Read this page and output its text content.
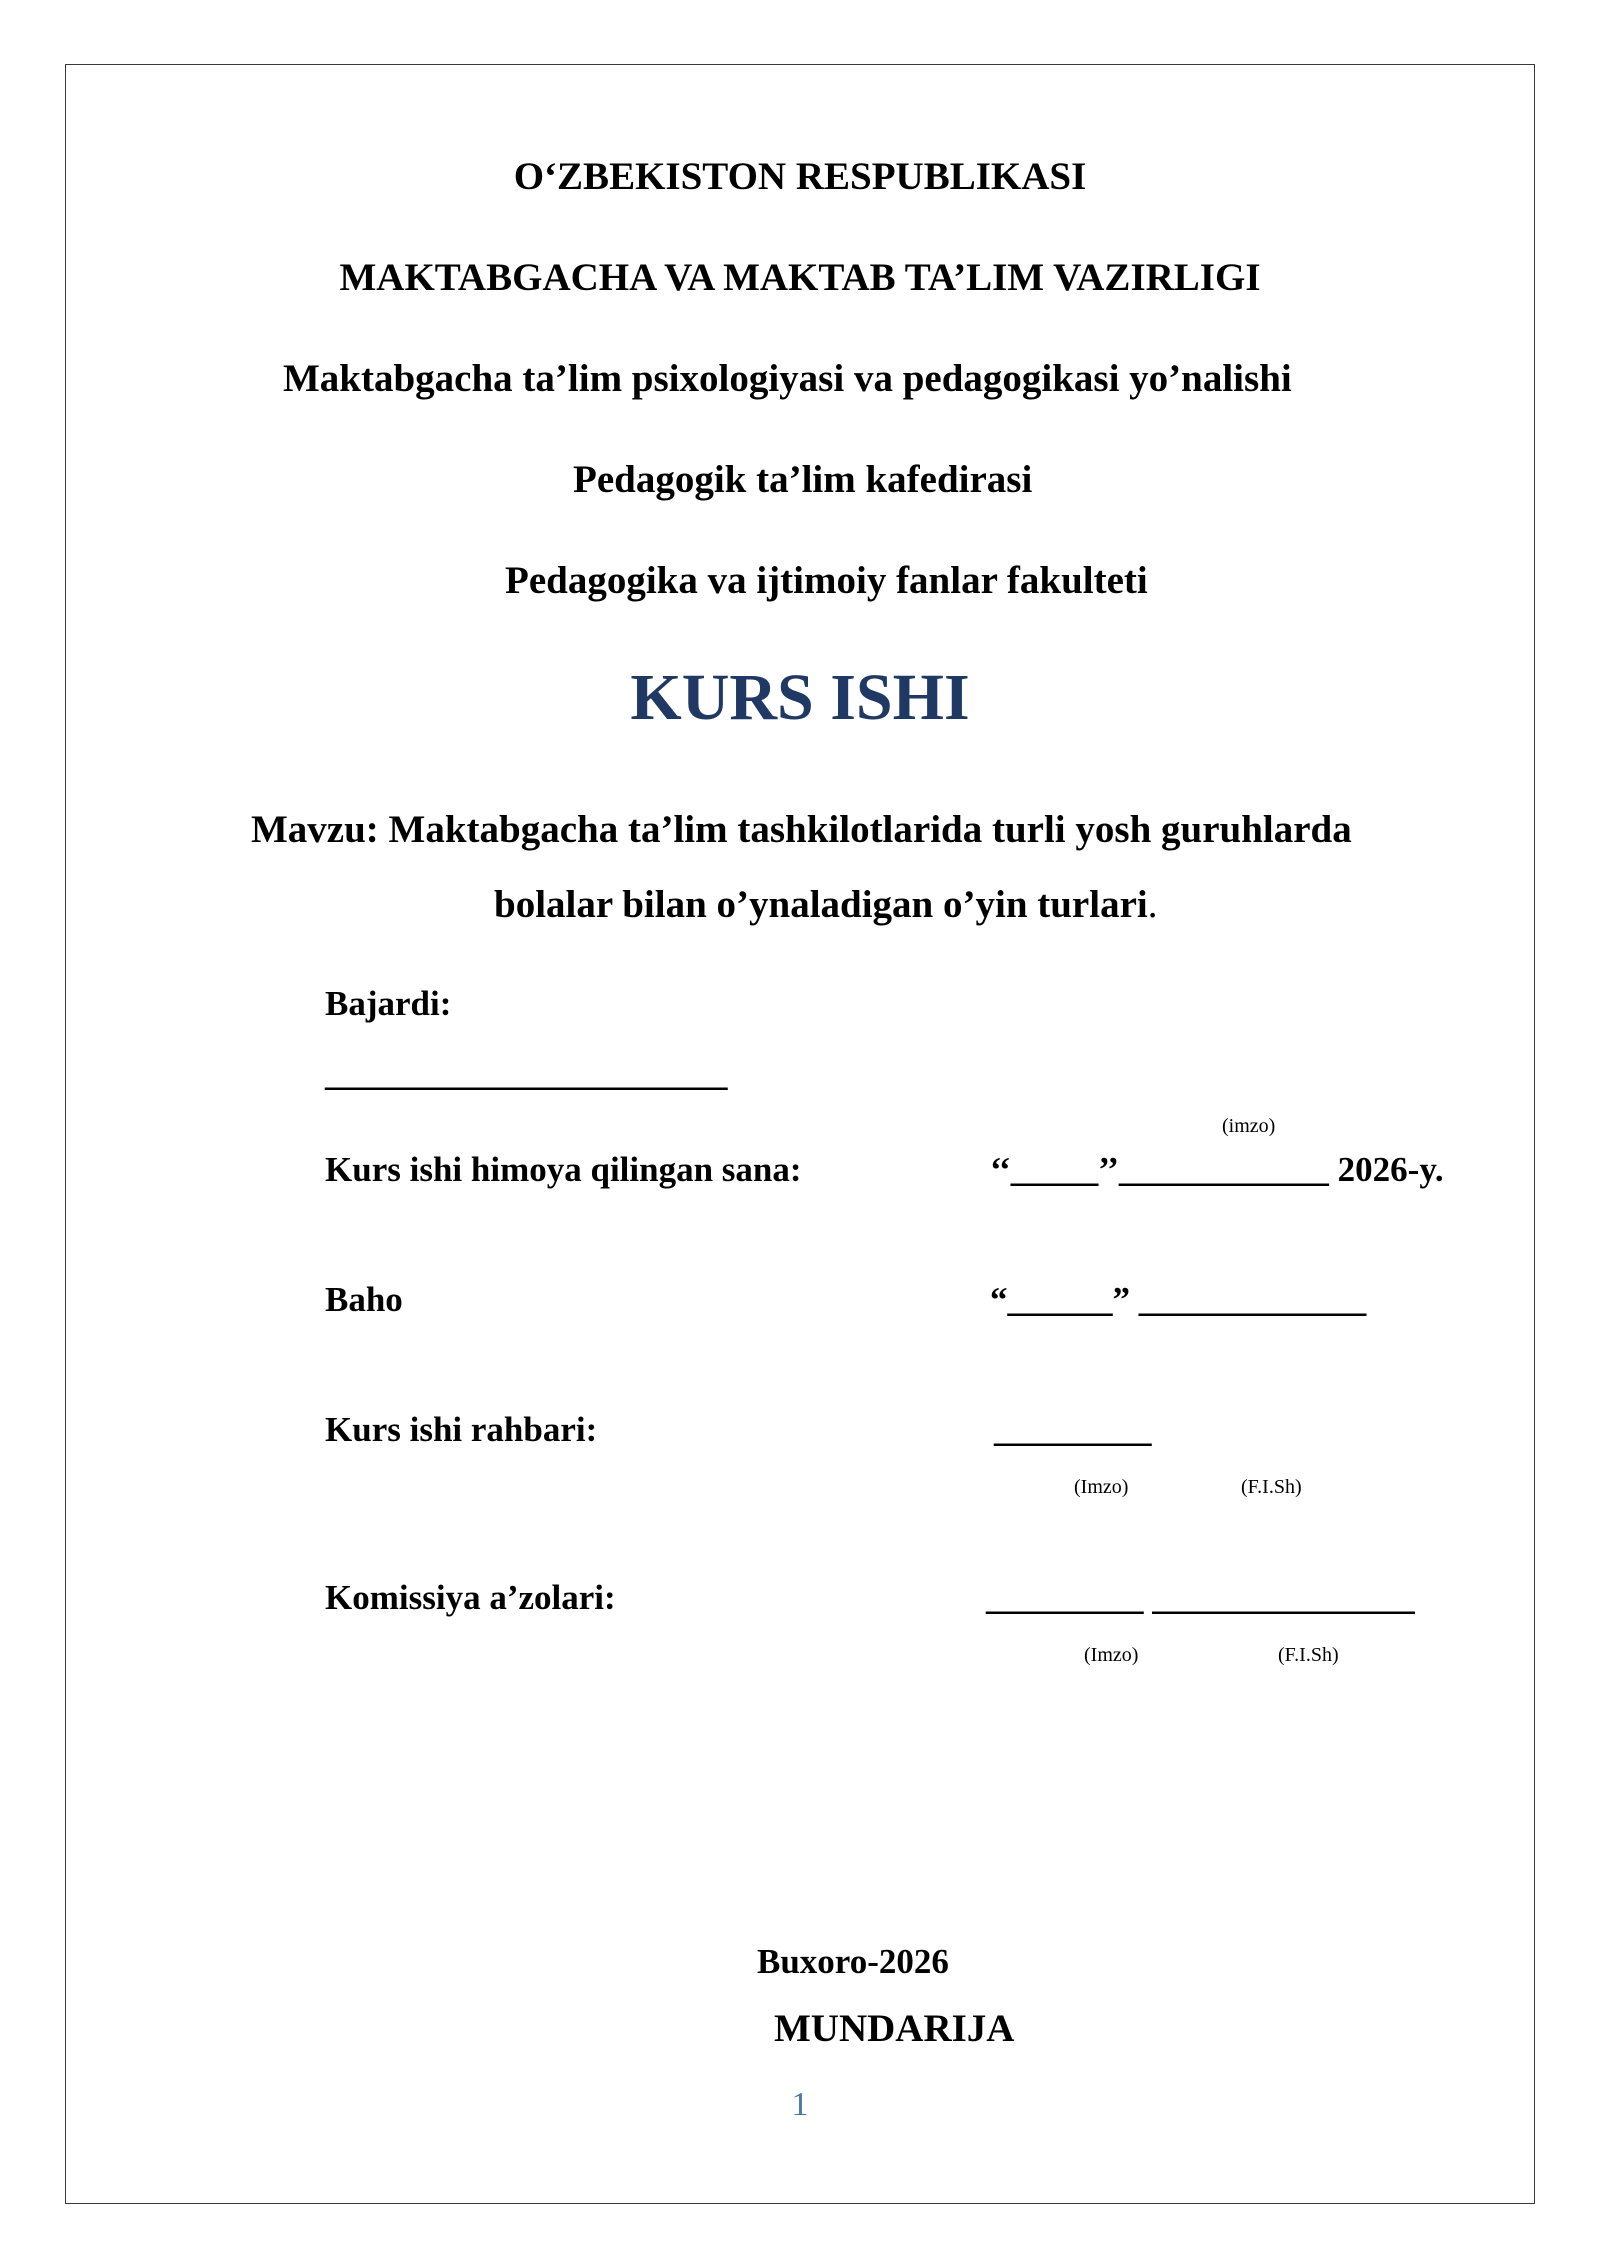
O‘ZBEKISTON RESPUBLIKASI
MAKTABGACHA VA MAKTAB TA’LIM VAZIRLIGI
Maktabgacha ta’lim psixologiyasi va pedagogikasi yo’nalishi
Pedagogik ta’lim kafedirasi
Pedagogika va ijtimoiy fanlar fakulteti
KURS ISHI
Mavzu: Maktabgacha ta’lim tashkilotlarida turli yosh guruhlarda
bolalar bilan o’ynaladigan o’yin turlari.
Bajardi:
_______________________
(imzo)
Kurs ishi himoya qilingan sana:	‘‘_____’’____________ 2026-y.
Baho	“______” _____________
Kurs ishi rahbari:	_________
(Imzo)	(F.I.Sh)
Komissiya a’zolari:	_________ _______________
(Imzo)	(F.I.Sh)
Buxoro-2026
MUNDARIJA
1
